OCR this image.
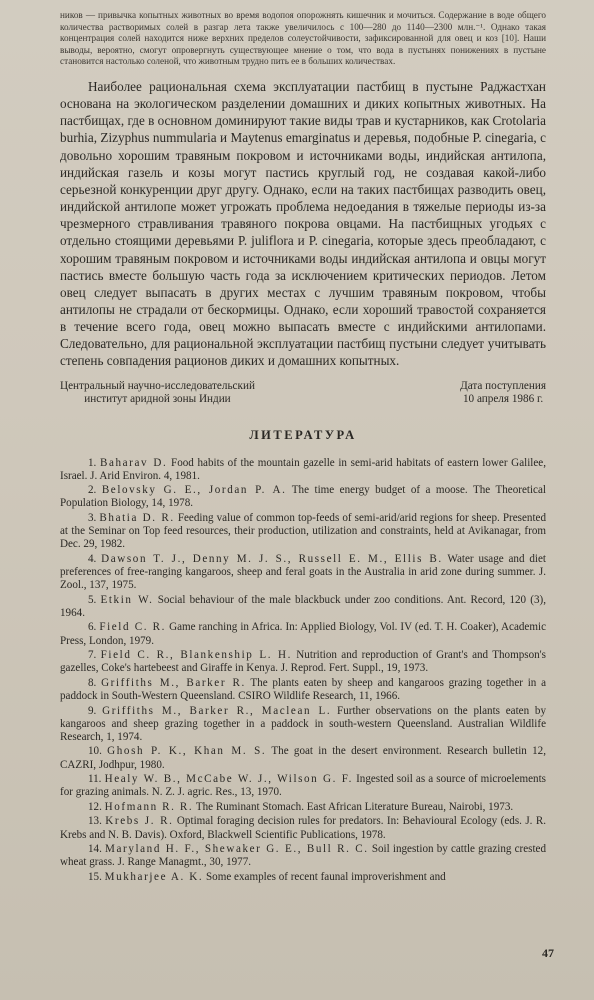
ников — привычка копытных животных во время водопоя опорожнять кишечник и мочиться. Содержание в воде общего количества растворимых солей в разгар лета также увеличилось с 100—280 до 1140—2300 млн.⁻¹. Однако такая концентрация солей находится ниже верхних пределов солеустойчивости, зафиксированной для овец и коз [10]. Наши выводы, вероятно, смогут опровергнуть существующее мнение о том, что вода в пустынях понижениях в пустыне становится настолько соленой, что животным трудно пить ее в больших количествах.

Наиболее рациональная схема эксплуатации пастбищ в пустыне Раджастхан основана на экологическом разделении домашних и диких копытных животных. На пастбищах, где в основном доминируют такие виды трав и кустарников, как Crotolaria burhia, Zizyphus nummularia и Maytenus emarginatus и деревья, подобные P. cinegaria, с довольно хорошим травяным покровом и источниками воды, индийская антилопа, индийская газель и козы могут пастись круглый год, не создавая какой-либо серьезной конкуренции друг другу. Однако, если на таких пастбищах разводить овец, индийской антилопе может угрожать проблема недоедания в тяжелые периоды из-за чрезмерного стравливания травяного покрова овцами. На пастбищных угодьях с отдельно стоящими деревьями P. juliflora и P. cinegaria, которые здесь преобладают, с хорошим травяным покровом и источниками воды индийская антилопа и овцы могут пастись вместе большую часть года за исключением критических периодов. Летом овец следует выпасать в других местах с лучшим травяным покровом, чтобы антилопы не страдали от бескормицы. Однако, если хороший травостой сохраняется в течение всего года, овец можно выпасать вместе с индийскими антилопами. Следовательно, для рациональной эксплуатации пастбищ пустыни следует учитывать степень совпадения рационов диких и домашних копытных.

Центральный научно-исследовательский
институт аридной зоны Индии
Дата поступления
10 апреля 1986 г.
ЛИТЕРАТУРА
1. Baharav D. Food habits of the mountain gazelle in semi-arid habitats of eastern lower Galilee, Israel. J. Arid Environ. 4, 1981.
2. Belovsky G. E., Jordan P. A. The time energy budget of a moose. The Theoretical Population Biology, 14, 1978.
3. Bhatia D. R. Feeding value of common top-feeds of semi-arid/arid regions for sheep. Presented at the Seminar on Top feed resources, their production, utilization and constraints, held at Avikanagar, from Dec. 29, 1982.
4. Dawson T. J., Denny M. J. S., Russell E. M., Ellis B. Water usage and diet preferences of free-ranging kangaroos, sheep and feral goats in the Australia in arid zone during summer. J. Zool., 137, 1975.
5. Etkin W. Social behaviour of the male blackbuck under zoo conditions. Ant. Record, 120 (3), 1964.
6. Field C. R. Game ranching in Africa. In: Applied Biology, Vol. IV (ed. T. H. Coaker), Academic Press, London, 1979.
7. Field C. R., Blankenship L. H. Nutrition and reproduction of Grant's and Thompson's gazelles, Coke's hartebeest and Giraffe in Kenya. J. Reprod. Fert. Suppl., 19, 1973.
8. Griffiths M., Barker R. The plants eaten by sheep and kangaroos grazing together in a paddock in South-Western Queensland. CSIRO Wildlife Research, 11, 1966.
9. Griffiths M., Barker R., Maclean L. Further observations on the plants eaten by kangaroos and sheep grazing together in a paddock in south-western Queensland. Australian Wildlife Research, 1, 1974.
10. Ghosh P. K., Khan M. S. The goat in the desert environment. Research bulletin 12, CAZRI, Jodhpur, 1980.
11. Healy W. B., McCabe W. J., Wilson G. F. Ingested soil as a source of microelements for grazing animals. N. Z. J. agric. Res., 13, 1970.
12. Hofmann R. R. The Ruminant Stomach. East African Literature Bureau, Nairobi, 1973.
13. Krebs J. R. Optimal foraging decision rules for predators. In: Behavioural Ecology (eds. J. R. Krebs and N. B. Davis). Oxford, Blackwell Scientific Publications, 1978.
14. Maryland H. F., Shewaker G. E., Bull R. C. Soil ingestion by cattle grazing crested wheat grass. J. Range Managmt., 30, 1977.
15. Mukharjee A. K. Some examples of recent faunal improverishment and
47
